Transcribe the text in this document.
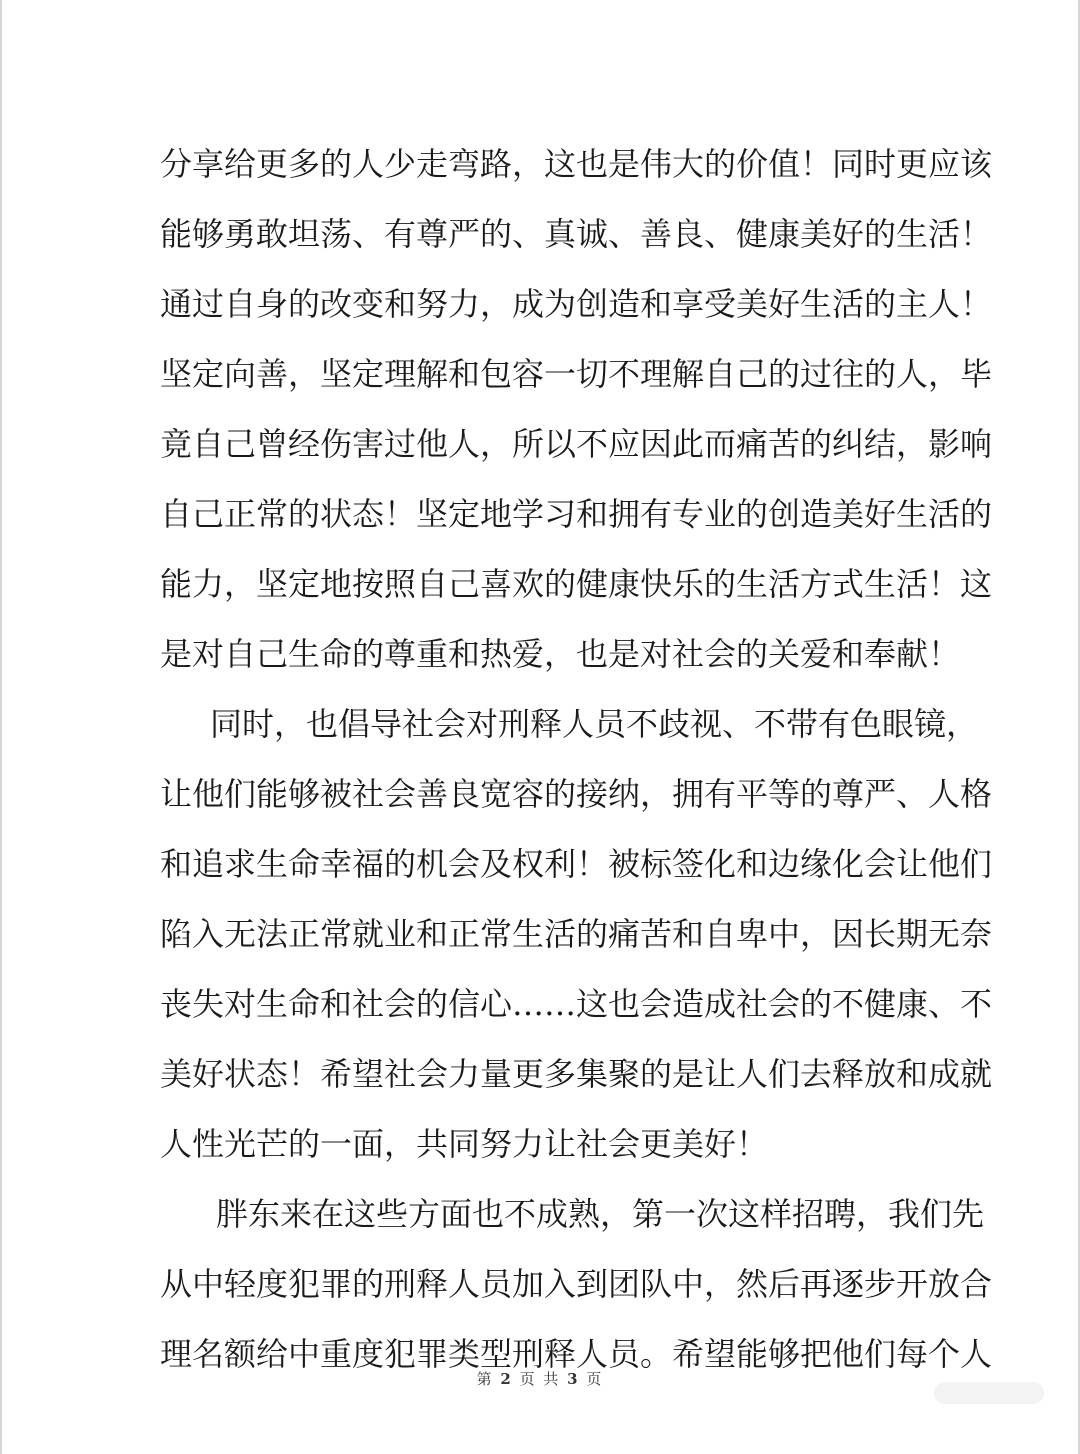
分享给更多的人少走弯路，这也是伟大的价值！同时更应该
能够勇敢坦荡、有尊严的、真诚、善良、健康美好的生活！
通过自身的改变和努力，成为创造和享受美好生活的主人！
坚定向善，坚定理解和包容一切不理解自己的过往的人，毕
竟自己曾经伤害过他人，所以不应因此而痛苦的纠结，影响
自己正常的状态！坚定地学习和拥有专业的创造美好生活的
能力，坚定地按照自己喜欢的健康快乐的生活方式生活！这
是对自己生命的尊重和热爱，也是对社会的关爱和奉献！
　同时，也倡导社会对刑释人员不歧视、不带有色眼镜，
让他们能够被社会善良宽容的接纳，拥有平等的尊严、人格
和追求生命幸福的机会及权利！被标签化和边缘化会让他们
陷入无法正常就业和正常生活的痛苦和自卑中，因长期无奈
丧失对生命和社会的信心……这也会造成社会的不健康、不
美好状态！希望社会力量更多集聚的是让人们去释放和成就
人性光芒的一面，共同努力让社会更美好！
　胖东来在这些方面也不成熟，第一次这样招聘，我们先
从中轻度犯罪的刑释人员加入到团队中，然后再逐步开放合
理名额给中重度犯罪类型刑释人员。希望能够把他们每个人
第 2 页 共 3 页
